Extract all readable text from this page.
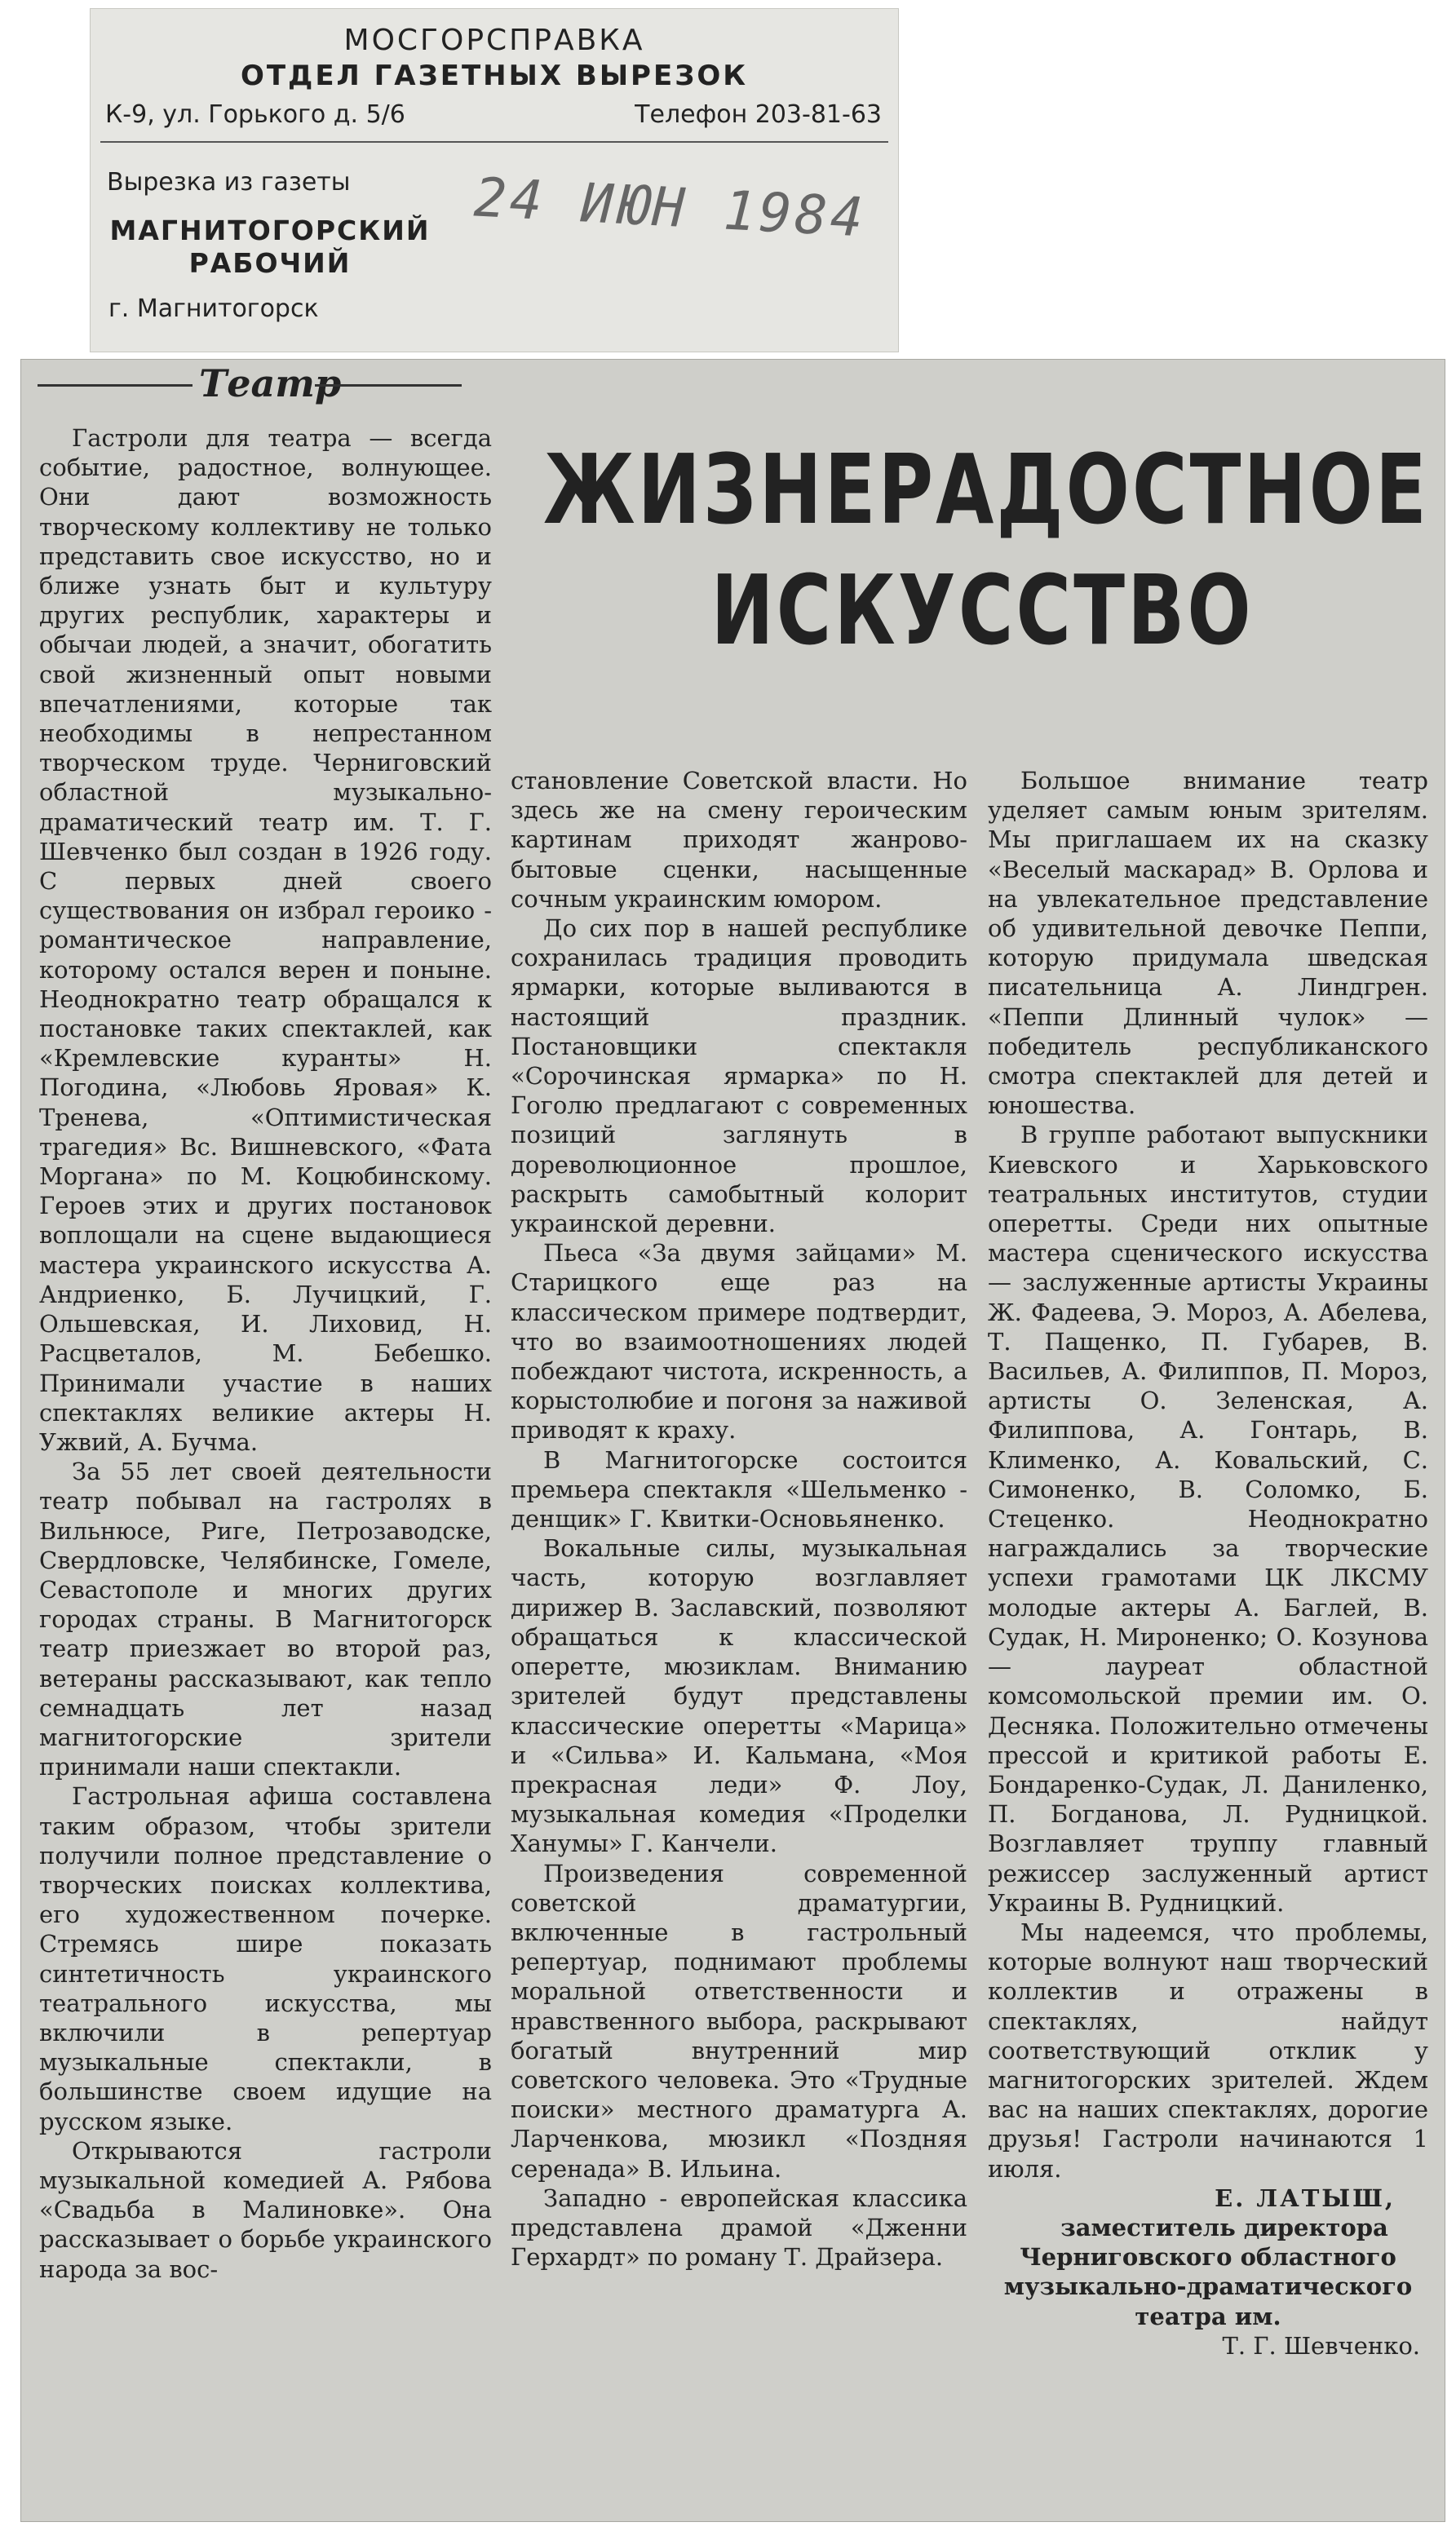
МОСГОРСПРАВКА
ОТДЕЛ ГАЗЕТНЫХ ВЫРЕЗОК
К-9, ул. Горького д. 5/6	Телефон 203-81-63
Вырезка из газеты
МАГНИТОГОРСКИЙ РАБОЧИЙ
г. Магнитогорск
24 ИЮН 1984
Театр
ЖИЗНЕРАДОСТНОЕ
ИСКУССТВО

Гастроли для театра — всегда событие, радостное, волнующее. Они дают возможность творческому коллективу не только представить свое искусство, но и ближе узнать быт и культуру других республик, характеры и обычаи людей, а значит, обогатить свой жизненный опыт новыми впечатлениями, которые так необходимы в непрестанном творческом труде. Черниговский областной музыкально-драматический театр им. Т. Г. Шевченко был создан в 1926 году. С первых дней своего существования он избрал героико - романтическое направление, которому остался верен и поныне. Неоднократно театр обращался к постановке таких спектаклей, как «Кремлевские куранты» Н. Погодина, «Любовь Яровая» К. Тренева, «Оптимистическая трагедия» Вс. Вишневского, «Фата Моргана» по М. Коцюбинскому. Героев этих и других постановок воплощали на сцене выдающиеся мастера украинского искусства А. Андриенко, Б. Лучицкий, Г. Ольшевская, И. Лиховид, Н. Расцветалов, М. Бебешко. Принимали участие в наших спектаклях великие актеры Н. Ужвий, А. Бучма.

За 55 лет своей деятельности театр побывал на гастролях в Вильнюсе, Риге, Петрозаводске, Свердловске, Челябинске, Гомеле, Севастополе и многих других городах страны. В Магнитогорск театр приезжает во второй раз, ветераны рассказывают, как тепло семнадцать лет назад магнитогорские зрители принимали наши спектакли.

Гастрольная афиша составлена таким образом, чтобы зрители получили полное представление о творческих поисках коллектива, его художественном почерке. Стремясь шире показать синтетичность украинского театрального искусства, мы включили в репертуар музыкальные спектакли, в большинстве своем идущие на русском языке.

Открываются гастроли музыкальной комедией А. Рябова «Свадьба в Малиновке». Она рассказывает о борьбе украинского народа за вос-

становление Советской власти. Но здесь же на смену героическим картинам приходят жанрово-бытовые сценки, насыщенные сочным украинским юмором.

До сих пор в нашей республике сохранилась традиция проводить ярмарки, которые выливаются в настоящий праздник. Постановщики спектакля «Сорочинская ярмарка» по Н. Гоголю предлагают с современных позиций заглянуть в дореволюционное прошлое, раскрыть самобытный колорит украинской деревни.

Пьеса «За двумя зайцами» М. Старицкого еще раз на классическом примере подтвердит, что во взаимоотношениях людей побеждают чистота, искренность, а корыстолюбие и погоня за наживой приводят к краху.

В Магнитогорске состоится премьера спектакля «Шельменко - денщик» Г. Квитки-Основьяненко.

Вокальные силы, музыкальная часть, которую возглавляет дирижер В. Заславский, позволяют обращаться к классической оперетте, мюзиклам. Вниманию зрителей будут представлены классические оперетты «Марица» и «Сильва» И. Кальмана, «Моя прекрасная леди» Ф. Лоу, музыкальная комедия «Проделки Ханумы» Г. Канчели.

Произведения современной советской драматургии, включенные в гастрольный репертуар, поднимают проблемы моральной ответственности и нравственного выбора, раскрывают богатый внутренний мир советского человека. Это «Трудные поиски» местного драматурга А. Ларченкова, мюзикл «Поздняя серенада» В. Ильина.

Западно - европейская классика представлена драмой «Дженни Герхардт» по роману Т. Драйзера.

Большое внимание театр уделяет самым юным зрителям. Мы приглашаем их на сказку «Веселый маскарад» В. Орлова и на увлекательное представление об удивительной девочке Пеппи, которую придумала шведская писательница А. Линдгрен. «Пеппи Длинный чулок» — победитель республиканского смотра спектаклей для детей и юношества.

В группе работают выпускники Киевского и Харьковского театральных институтов, студии оперетты. Среди них опытные мастера сценического искусства — заслуженные артисты Украины Ж. Фадеева, Э. Мороз, А. Абелева, Т. Пащенко, П. Губарев, В. Васильев, А. Филиппов, П. Мороз, артисты О. Зеленская, А. Филиппова, А. Гонтарь, В. Клименко, А. Ковальский, С. Симоненко, В. Соломко, Б. Стеценко. Неоднократно награждались за творческие успехи грамотами ЦК ЛКСМУ молодые актеры А. Баглей, В. Судак, Н. Мироненко; О. Козунова — лауреат областной комсомольской премии им. О. Десняка. Положительно отмечены прессой и критикой работы Е. Бондаренко-Судак, Л. Даниленко, П. Богданова, Л. Рудницкой. Возглавляет труппу главный режиссер заслуженный артист Украины В. Рудницкий.

Мы надеемся, что проблемы, которые волнуют наш творческий коллектив и отражены в спектаклях, найдут соответствующий отклик у магнитогорских зрителей. Ждем вас на наших спектаклях, дорогие друзья! Гастроли начинаются 1 июля.

Е. ЛАТЫШ,

заместитель директора Черниговского областного музыкально-драматического театра им.

Т. Г. Шевченко.
